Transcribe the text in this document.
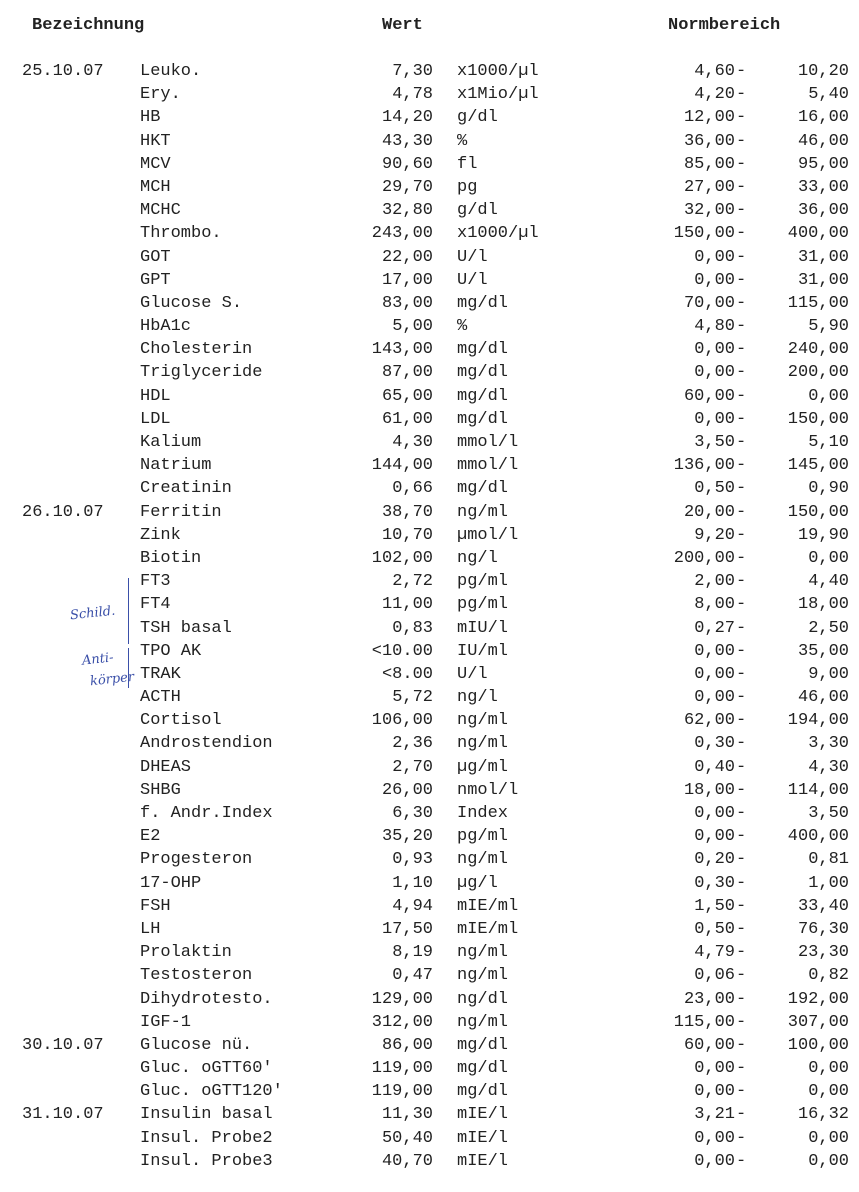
Bezeichnung	Wert	Normbereich
25.10.07 Leuko.	7,30 x1000/µl	4,60 -	10,20
Ery.	4,78 x1Mio/µl	4,20 -	5,40
HB	14,20 g/dl	12,00 -	16,00
HKT	43,30 %	36,00 -	46,00
MCV	90,60 fl	85,00 -	95,00
MCH	29,70 pg	27,00 -	33,00
MCHC	32,80 g/dl	32,00 -	36,00
Thrombo.	243,00 x1000/µl	150,00 - 400,00
GOT	22,00 U/l	0,00 -	31,00
GPT	17,00 U/l	0,00 -	31,00
Glucose S.	83,00 mg/dl	70,00 - 115,00
HbA1c	5,00 %	4,80 -	5,90
Cholesterin	143,00 mg/dl	0,00 - 240,00
Triglyceride	87,00 mg/dl	0,00 - 200,00
HDL	65,00 mg/dl	60,00 -	0,00
LDL	61,00 mg/dl	0,00 - 150,00
Kalium	4,30 mmol/l	3,50 -	5,10
Natrium	144,00 mmol/l	136,00 - 145,00
Creatinin	0,66 mg/dl	0,50 -	0,90
26.10.07 Ferritin	38,70 ng/ml	20,00 - 150,00
Zink	10,70 µmol/l	9,20 -	19,90
Biotin	102,00 ng/l	200,00 -	0,00
FT3	2,72 pg/ml	2,00 -	4,40
FT4	11,00 pg/ml	8,00 -	18,00
TSH basal	0,83 mIU/l	0,27 -	2,50
TPO AK	<10.00 IU/ml	0,00 -	35,00
TRAK	<8.00 U/l	0,00 -	9,00
ACTH	5,72 ng/l	0,00 -	46,00
Cortisol	106,00 ng/ml	62,00 - 194,00
Androstendion	2,36 ng/ml	0,30 -	3,30
DHEAS	2,70 µg/ml	0,40 -	4,30
SHBG	26,00 nmol/l	18,00 - 114,00
f. Andr.Index	6,30 Index	0,00 -	3,50
E2	35,20 pg/ml	0,00 - 400,00
Progesteron	0,93 ng/ml	0,20 -	0,81
17-OHP	1,10 µg/l	0,30 -	1,00
FSH	4,94 mIE/ml	1,50 -	33,40
LH	17,50 mIE/ml	0,50 -	76,30
Prolaktin	8,19 ng/ml	4,79 -	23,30
Testosteron	0,47 ng/ml	0,06 -	0,82
Dihydrotesto.	129,00 ng/dl	23,00 - 192,00
IGF-1	312,00 ng/ml	115,00 - 307,00
30.10.07 Glucose nü.	86,00 mg/dl	60,00 - 100,00
Gluc. oGTT60'	119,00 mg/dl	0,00 -	0,00
Gluc. oGTT120'	119,00 mg/dl	0,00 -	0,00
31.10.07 Insulin basal	11,30 mIE/l	3,21 -	16,32
Insul. Probe2	50,40 mIE/l	0,00 -	0,00
Insul. Probe3	40,70 mIE/l	0,00 -	0,00
Schild.
Anti-
körper
